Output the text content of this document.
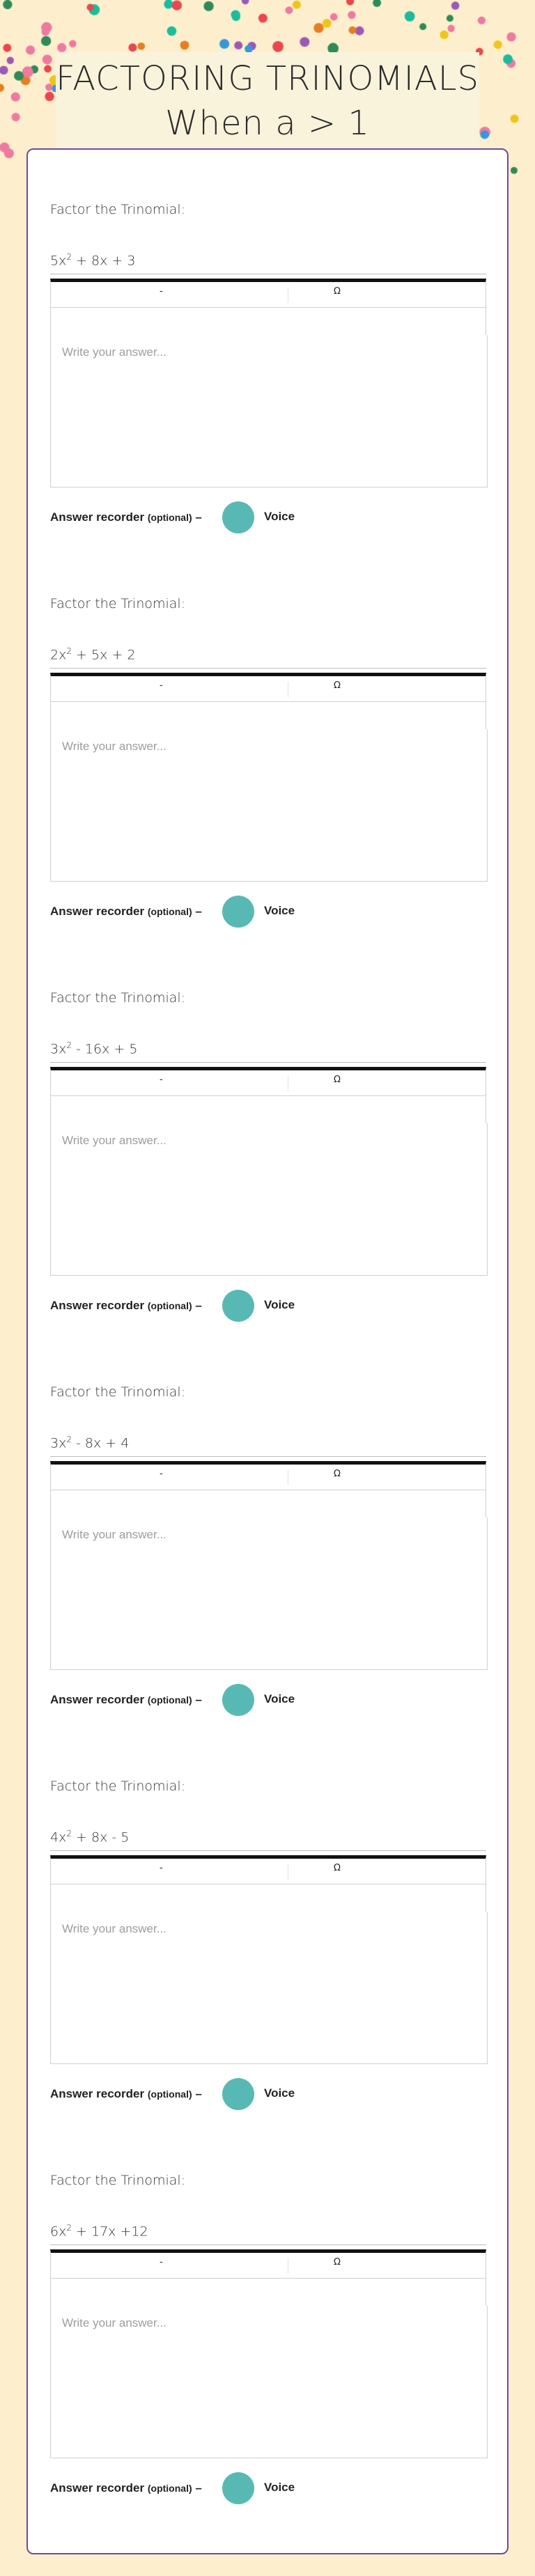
FACTORING TRINOMIALS
When a > 1
Factor the Trinomial:
$5x^2 + 8x + 3$
-	Ω
Write your answer...
Answer recorder (optional) –	Voice
Factor the Trinomial:
$2x^2 + 5x + 2$
-	Ω
Write your answer...
Answer recorder (optional) –	Voice
Factor the Trinomial:
$3x^2 - 16x + 5$
-	Ω
Write your answer...
Answer recorder (optional) –	Voice
Factor the Trinomial:
$3x^2 - 8x + 4$
-	Ω
Write your answer...
Answer recorder (optional) –	Voice
Factor the Trinomial:
$4x^2 + 8x - 5$
-	Ω
Write your answer...
Answer recorder (optional) –	Voice
Factor the Trinomial:
$6x^2 + 17x +12$
-	Ω
Write your answer...
Answer recorder (optional) –	Voice
